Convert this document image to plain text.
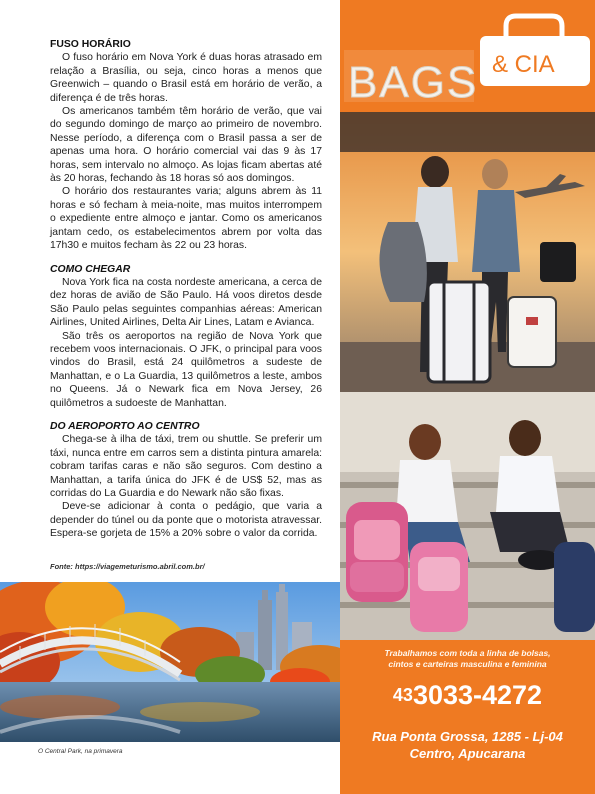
FUSO HORÁRIO

O fuso horário em Nova York é duas horas atrasado em relação a Brasília, ou seja, cinco horas a menos que Greenwich – quando o Brasil está em horário de verão, a diferença é de três horas.

Os americanos também têm horário de verão, que vai do segundo domingo de março ao primeiro de novembro. Nesse período, a diferença com o Brasil passa a ser de apenas uma hora. O horário comercial vai das 9 às 17 horas, sem intervalo no almoço. As lojas ficam abertas até às 20 horas, fechando às 18 horas só aos domingos.

O horário dos restaurantes varia; alguns abrem às 11 horas e só fecham à meia-noite, mas muitos interrompem o expediente entre almoço e jantar. Como os americanos jantam cedo, os estabelecimentos abrem por volta das 17h30 e muitos fecham às 22 ou 23 horas.

COMO CHEGAR

Nova York fica na costa nordeste americana, a cerca de dez horas de avião de São Paulo. Há voos diretos desde São Paulo pelas seguintes companhias aéreas: American Airlines, United Airlines, Delta Air Lines, Latam e Avianca.

São três os aeroportos na região de Nova York que recebem voos internacionais. O JFK, o principal para voos vindos do Brasil, está 24 quilômetros a sudeste de Manhattan, e o La Guardia, 13 quilômetros a leste, ambos no Queens. Já o Newark fica em Nova Jersey, 26 quilômetros a sudoeste de Manhattan.

DO AEROPORTO AO CENTRO

Chega-se à ilha de táxi, trem ou shuttle. Se preferir um táxi, nunca entre em carros sem a distinta pintura amarela: cobram tarifas caras e não são seguros. Com destino a Manhattan, a tarifa única do JFK é de US$ 52, mas as corridas do La Guardia e do Newark não são fixas.

Deve-se adicionar à conta o pedágio, que varia a depender do túnel ou da ponte que o motorista atravessar. Espera-se gorjeta de 15% a 20% sobre o valor da corrida.

Fonte: https://viagemeturismo.abril.com.br/
O Central Park, na primavera
BAGS & CIA
Trabalhamos com toda a linha de bolsas,
cintos e carteiras masculina e feminina
433033-4272
Rua Ponta Grossa, 1285 - Lj-04
Centro, Apucarana
